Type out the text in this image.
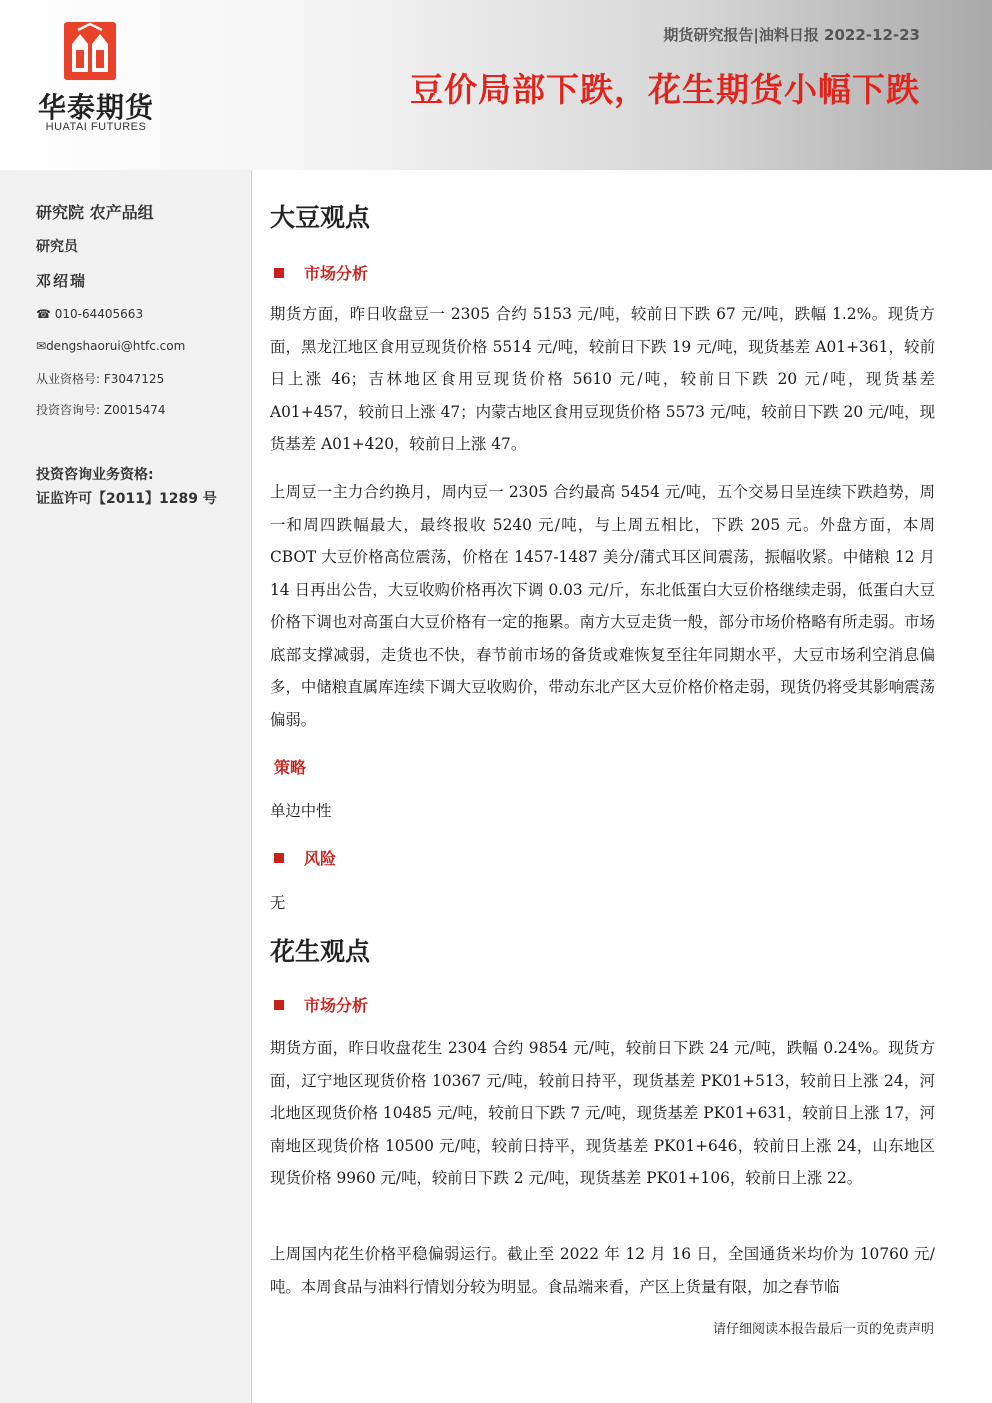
华泰期货
HUATAI FUTURES
期货研究报告|油料日报 2022-12-23
豆价局部下跌，花生期货小幅下跌
研究院 农产品组
研究员
邓绍瑞
☎ 010-64405663
✉dengshaorui@htfc.com
从业资格号: F3047125
投资咨询号: Z0015474
投资咨询业务资格:
证监许可【2011】1289 号
大豆观点
市场分析
期货方面，昨日收盘豆一 2305 合约 5153 元/吨，较前日下跌 67 元/吨，跌幅 1.2%。现货方面，黑龙江地区食用豆现货价格 5514 元/吨，较前日下跌 19 元/吨，现货基差 A01+361，较前日上涨 46；吉林地区食用豆现货价格 5610 元/吨，较前日下跌 20 元/吨，现货基差 A01+457，较前日上涨 47；内蒙古地区食用豆现货价格 5573 元/吨，较前日下跌 20 元/吨，现货基差 A01+420，较前日上涨 47。
上周豆一主力合约换月，周内豆一 2305 合约最高 5454 元/吨，五个交易日呈连续下跌趋势，周一和周四跌幅最大，最终报收 5240 元/吨，与上周五相比，下跌 205 元。外盘方面，本周 CBOT 大豆价格高位震荡，价格在 1457-1487 美分/蒲式耳区间震荡，振幅收紧。中储粮 12 月 14 日再出公告，大豆收购价格再次下调 0.03 元/斤，东北低蛋白大豆价格继续走弱，低蛋白大豆价格下调也对高蛋白大豆价格有一定的拖累。南方大豆走货一般，部分市场价格略有所走弱。市场底部支撑减弱，走货也不快，春节前市场的备货或难恢复至往年同期水平，大豆市场利空消息偏多，中储粮直属库连续下调大豆收购价，带动东北产区大豆价格价格走弱，现货仍将受其影响震荡偏弱。
策略
单边中性
风险
无
花生观点
市场分析
期货方面，昨日收盘花生 2304 合约 9854 元/吨，较前日下跌 24 元/吨，跌幅 0.24%。现货方面，辽宁地区现货价格 10367 元/吨，较前日持平，现货基差 PK01+513，较前日上涨 24，河北地区现货价格 10485 元/吨，较前日下跌 7 元/吨，现货基差 PK01+631，较前日上涨 17，河南地区现货价格 10500 元/吨，较前日持平，现货基差 PK01+646，较前日上涨 24，山东地区现货价格 9960 元/吨，较前日下跌 2 元/吨，现货基差 PK01+106，较前日上涨 22。
上周国内花生价格平稳偏弱运行。截止至 2022 年 12 月 16 日，全国通货米均价为 10760 元/吨。本周食品与油料行情划分较为明显。食品端来看，产区上货量有限，加之春节临
请仔细阅读本报告最后一页的免责声明
